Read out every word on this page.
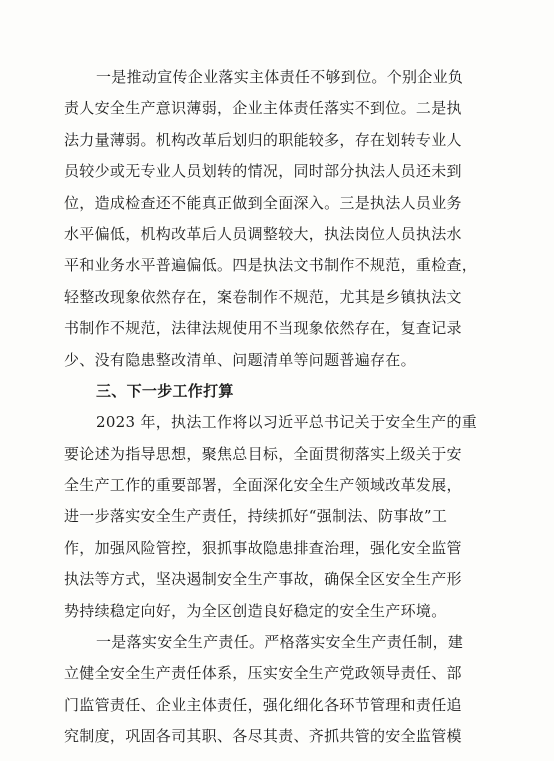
一是推动宣传企业落实主体责任不够到位。个别企业负
责人安全生产意识薄弱，企业主体责任落实不到位。二是执
法力量薄弱。机构改革后划归的职能较多，存在划转专业人
员较少或无专业人员划转的情况，同时部分执法人员还未到
位，造成检查还不能真正做到全面深入。三是执法人员业务
水平偏低，机构改革后人员调整较大，执法岗位人员执法水
平和业务水平普遍偏低。四是执法文书制作不规范，重检查，
轻整改现象依然存在，案卷制作不规范，尤其是乡镇执法文
书制作不规范，法律法规使用不当现象依然存在，复查记录
少、没有隐患整改清单、问题清单等问题普遍存在。
三、下一步工作打算
2023 年，执法工作将以习近平总书记关于安全生产的重
要论述为指导思想，聚焦总目标，全面贯彻落实上级关于安
全生产工作的重要部署，全面深化安全生产领域改革发展，
进一步落实安全生产责任，持续抓好“强制法、防事故”工
作，加强风险管控，狠抓事故隐患排查治理，强化安全监管
执法等方式，坚决遏制安全生产事故，确保全区安全生产形
势持续稳定向好，为全区创造良好稳定的安全生产环境。
一是落实安全生产责任。严格落实安全生产责任制，建
立健全安全生产责任体系，压实安全生产党政领导责任、部
门监管责任、企业主体责任，强化细化各环节管理和责任追
究制度，巩固各司其职、各尽其责、齐抓共管的安全监管模
